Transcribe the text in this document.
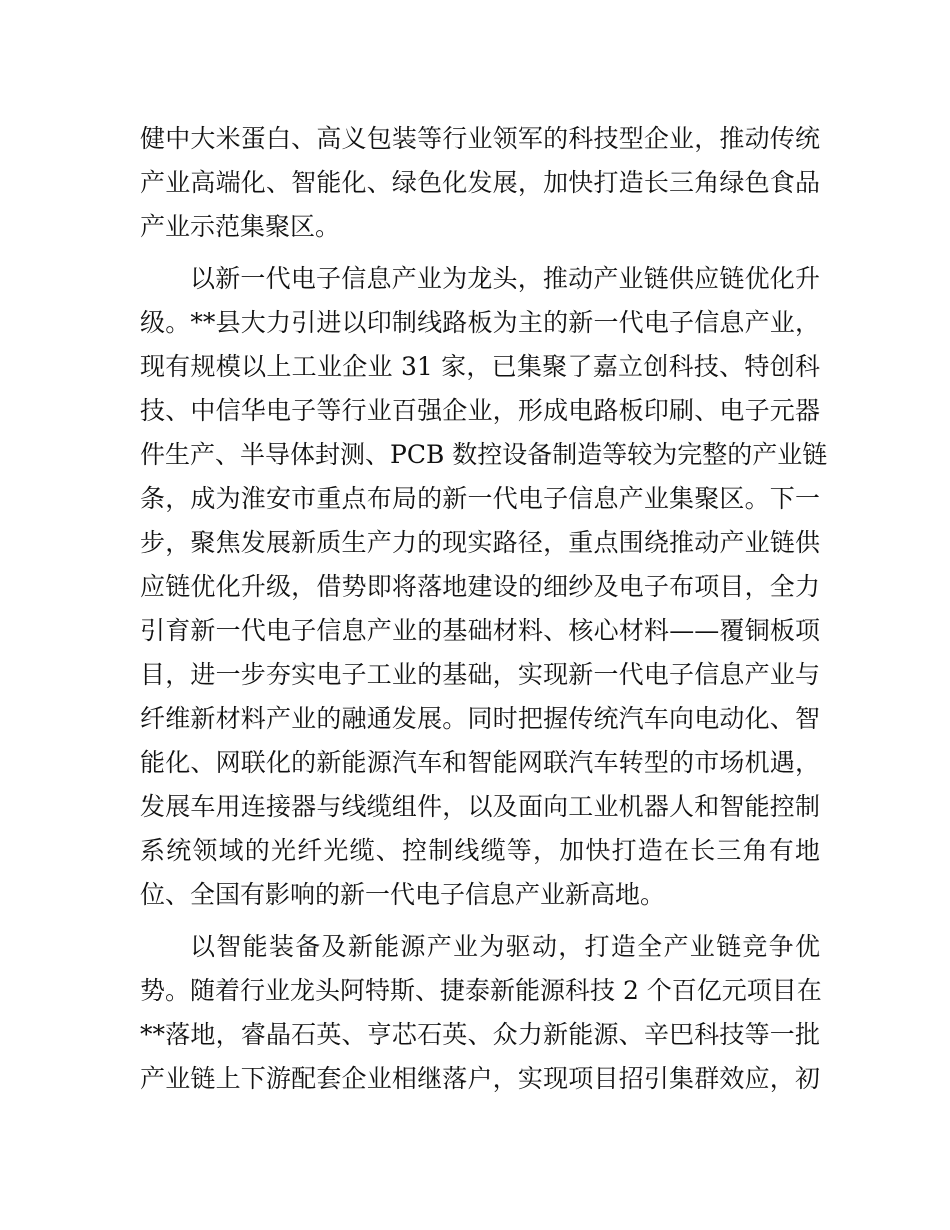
健中大米蛋白、高义包装等行业领军的科技型企业，推动传统
产业高端化、智能化、绿色化发展，加快打造长三角绿色食品
产业示范集聚区。
以新一代电子信息产业为龙头，推动产业链供应链优化升
级。**县大力引进以印制线路板为主的新一代电子信息产业，
现有规模以上工业企业 31 家，已集聚了嘉立创科技、特创科
技、中信华电子等行业百强企业，形成电路板印刷、电子元器
件生产、半导体封测、PCB 数控设备制造等较为完整的产业链
条，成为淮安市重点布局的新一代电子信息产业集聚区。下一
步，聚焦发展新质生产力的现实路径，重点围绕推动产业链供
应链优化升级，借势即将落地建设的细纱及电子布项目，全力
引育新一代电子信息产业的基础材料、核心材料——覆铜板项
目，进一步夯实电子工业的基础，实现新一代电子信息产业与
纤维新材料产业的融通发展。同时把握传统汽车向电动化、智
能化、网联化的新能源汽车和智能网联汽车转型的市场机遇，
发展车用连接器与线缆组件，以及面向工业机器人和智能控制
系统领域的光纤光缆、控制线缆等，加快打造在长三角有地
位、全国有影响的新一代电子信息产业新高地。
以智能装备及新能源产业为驱动，打造全产业链竞争优
势。随着行业龙头阿特斯、捷泰新能源科技 2 个百亿元项目在
**落地，睿晶石英、亨芯石英、众力新能源、辛巴科技等一批
产业链上下游配套企业相继落户，实现项目招引集群效应，初
